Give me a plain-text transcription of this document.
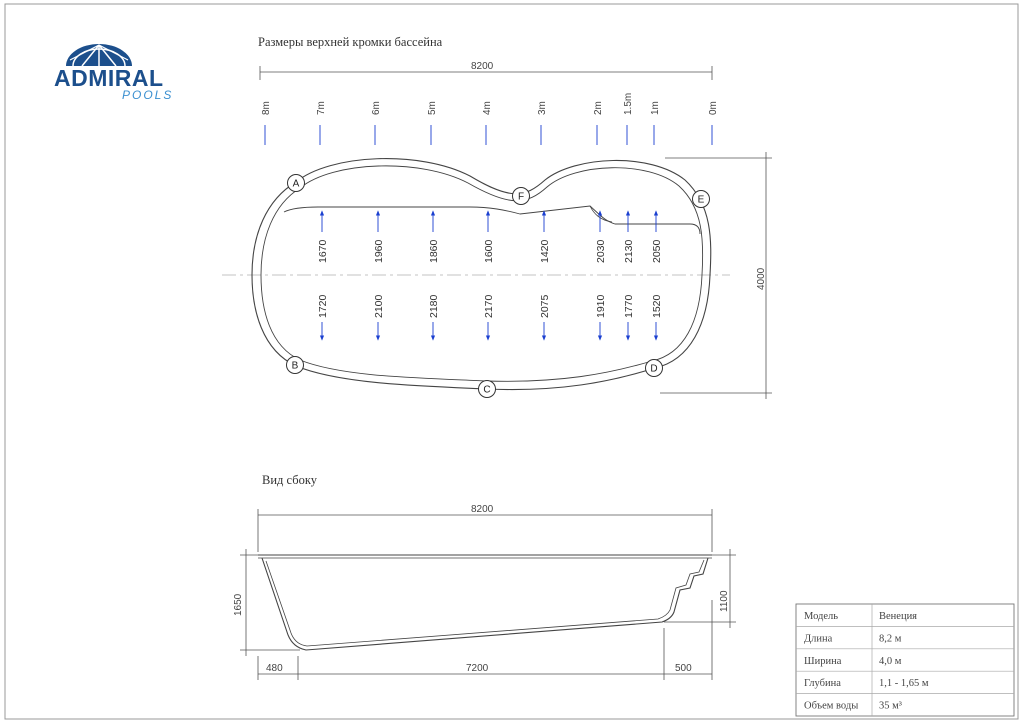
ADMIRAL
POOLS
Размеры верхней кромки бассейна
8200
8m	7m	6m	5m	4m	3m	2m 1.5m 1m	0m
4000
1670
1720
1960
2100
1860
2180
1600
2170
1420
2075
2030
1910
2130
1770
2050
1520
A
B
C
D
E
F
Вид сбоку
8200
1650	1100
480	7200	500
Модель	Венеция
Длина	8,2 м
Ширина	4,0 м
Глубина	1,1 - 1,65 м
Объем воды 35 м³
